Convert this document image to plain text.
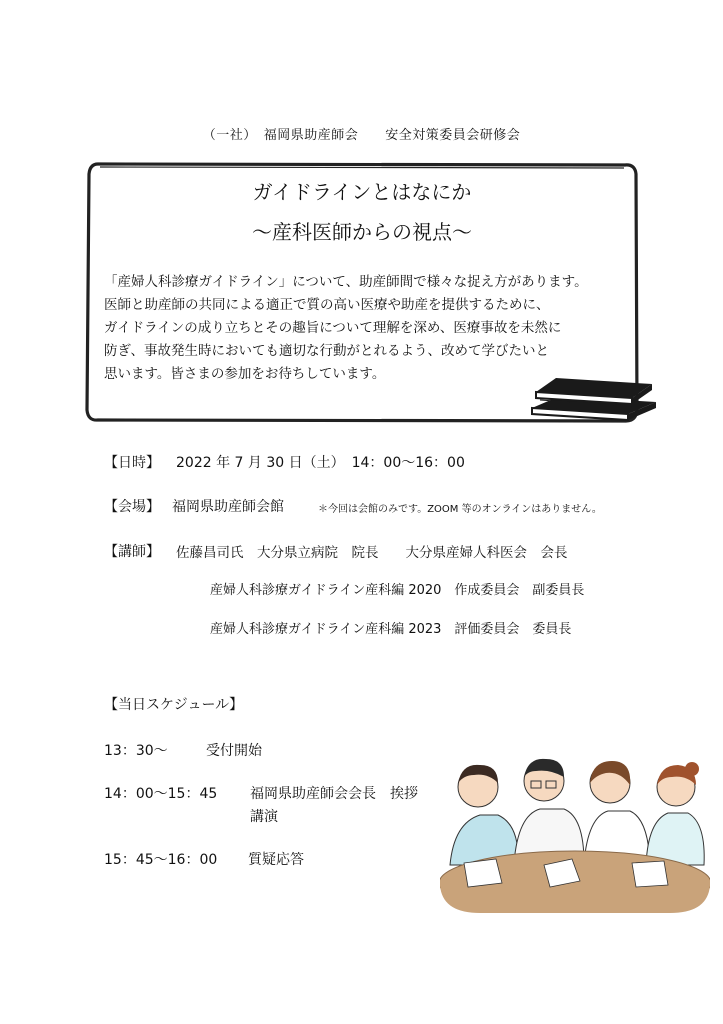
（一社）　福岡県助産師会　　安全対策委員会研修会
ガイドラインとはなにか
～産科医師からの視点～
「産婦人科診療ガイドライン」について、助産師間で様々な捉え方があります。
医師と助産師の共同による適正で質の高い医療や助産を提供するために、
ガイドラインの成り立ちとその趣旨について理解を深め、医療事故を未然に
防ぎ、事故発生時においても適切な行動がとれるよう、改めて学びたいと
思います。皆さまの参加をお待ちしています。
【日時】 2022 年 7 月 30 日（土）　14：00～16：00
【会場】 福岡県助産師会館	＊今回は会館のみです。ZOOM 等のオンラインはありません。
【講師】 佐藤昌司氏　大分県立病院　院長　　大分県産婦人科医会　会長
産婦人科診療ガイドライン産科編 2020　作成委員会　副委員長
産婦人科診療ガイドライン産科編 2023　評価委員会　委員長
【当日スケジュール】
13：30～	受付開始
14：00～15：45 福岡県助産師会会長　挨拶
講演
15：45～16：00 質疑応答
